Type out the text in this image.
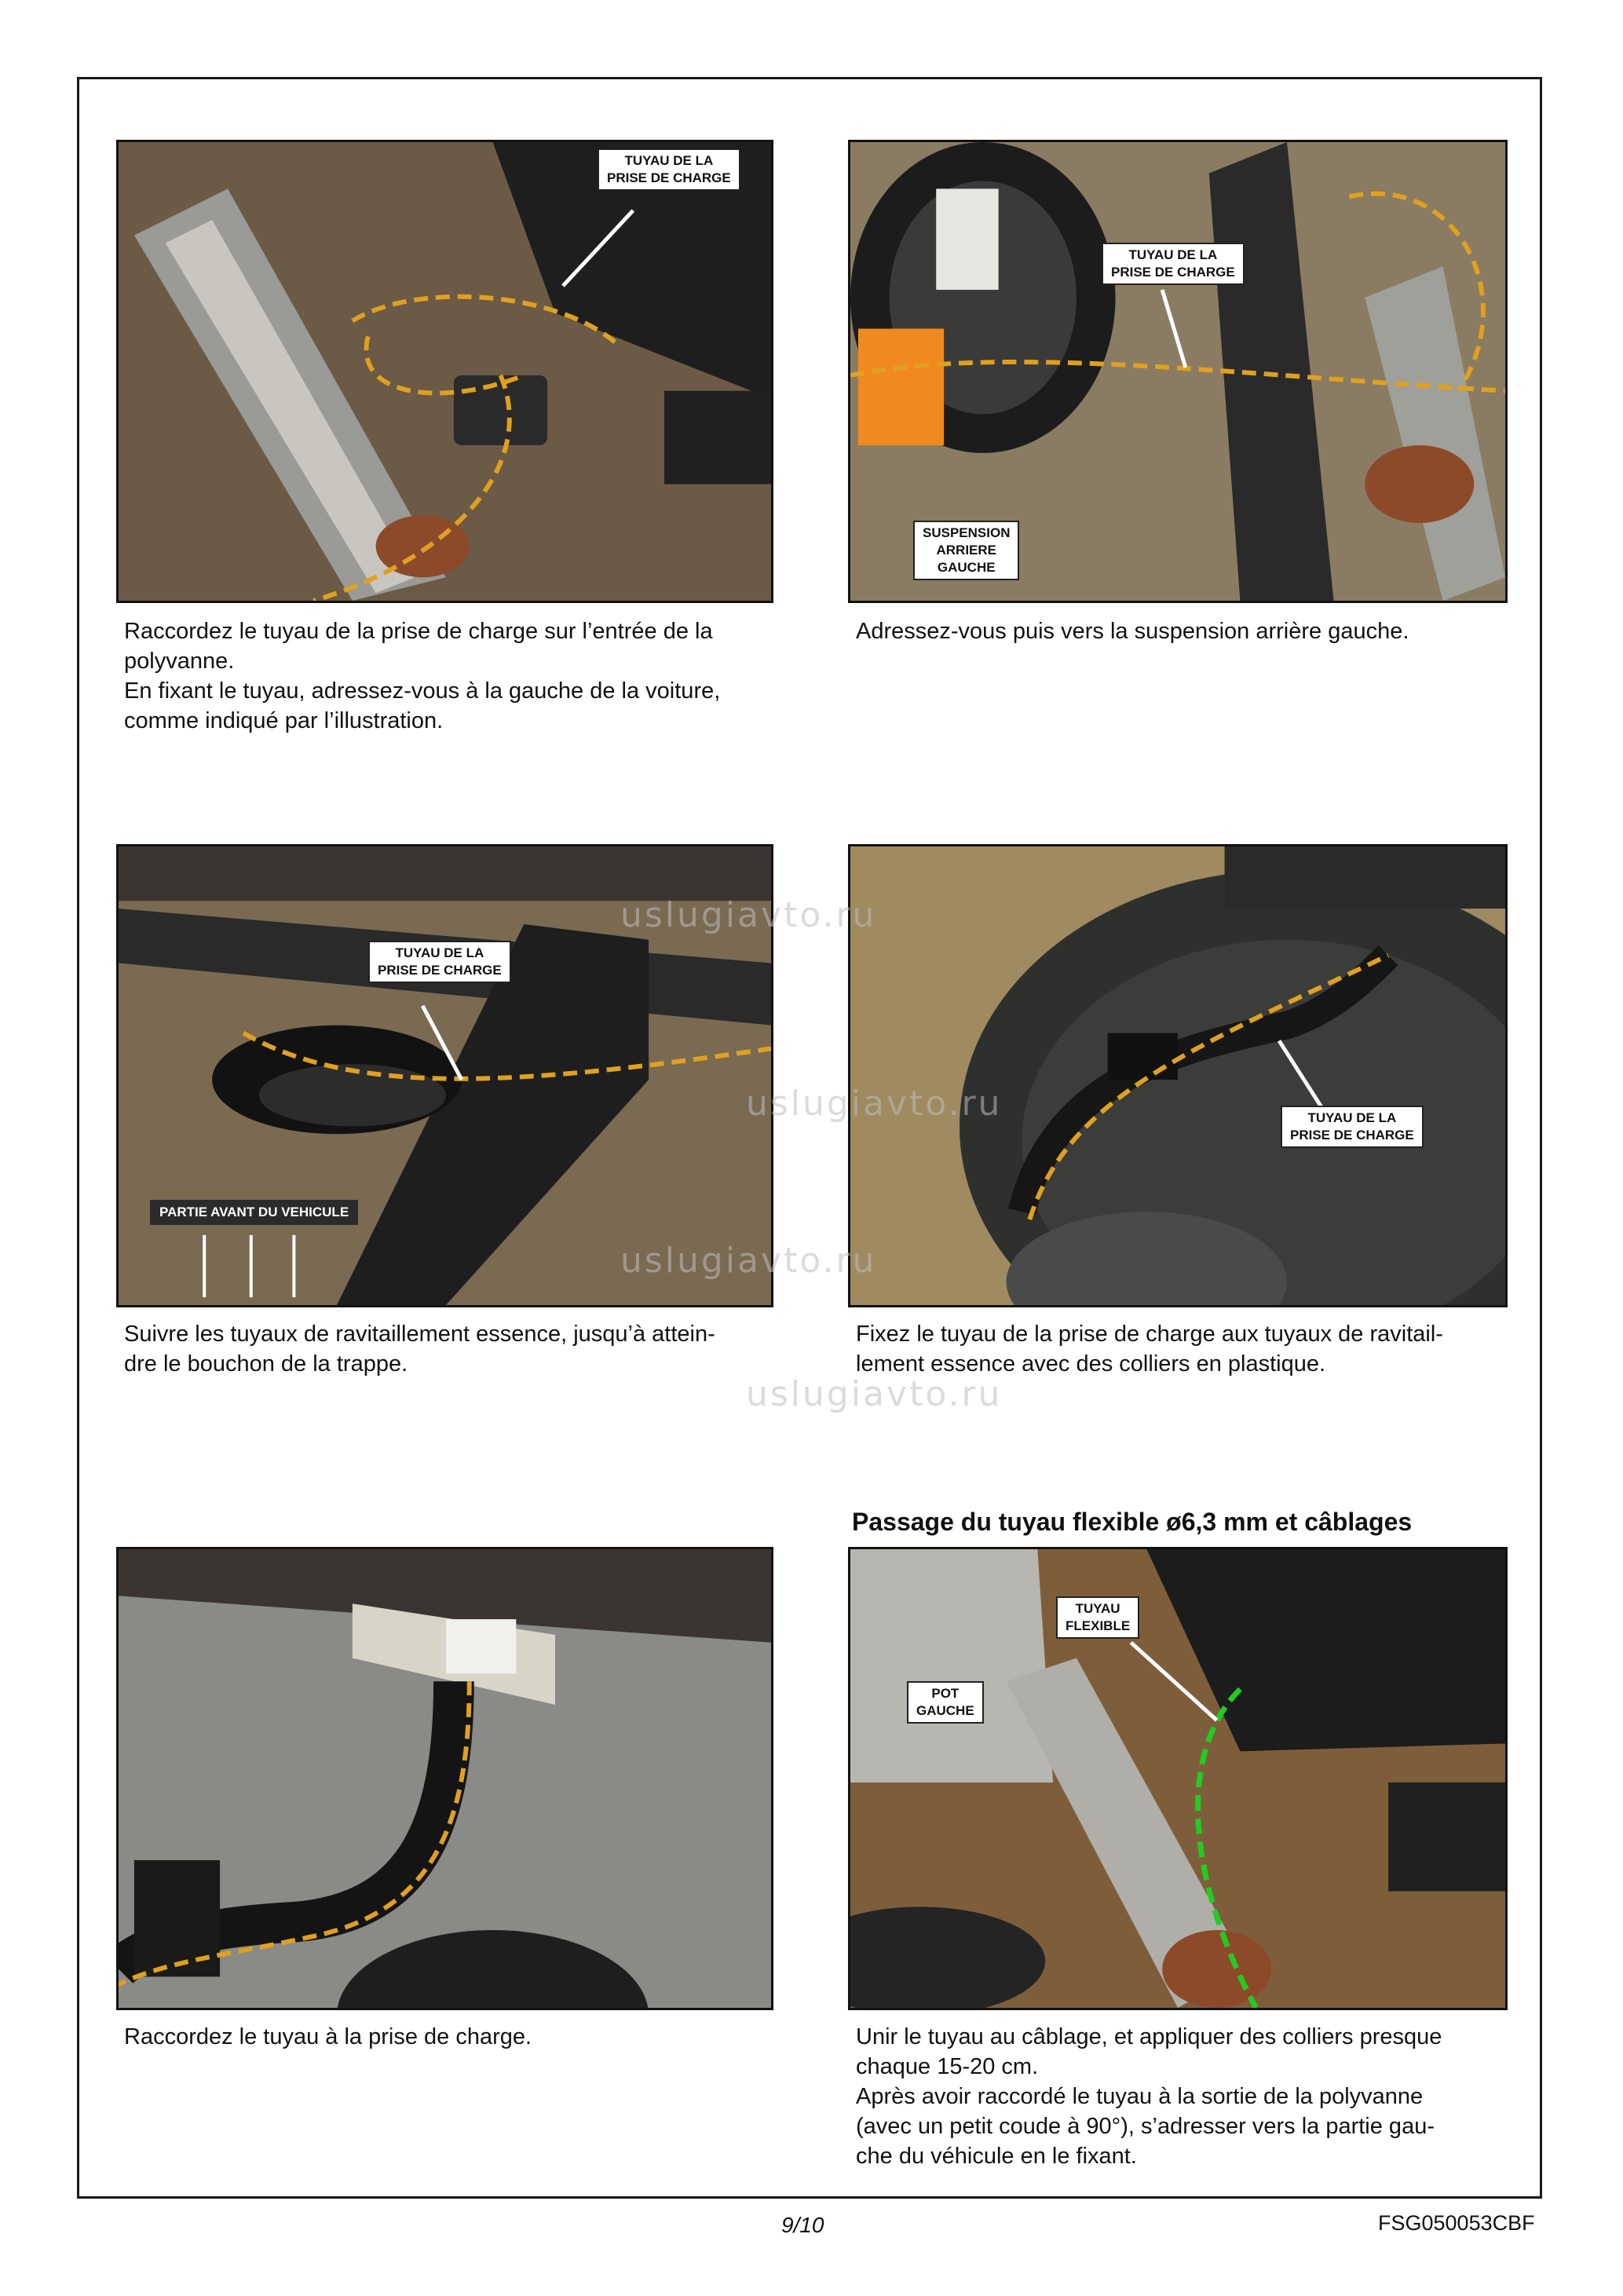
TUYAU DE LA
PRISE DE CHARGE
TUYAU DE LA
PRISE DE CHARGE
SUSPENSION
ARRIERE
GAUCHE
Raccordez le tuyau de la prise de charge sur l’entrée de la
polyvanne.
En fixant le tuyau, adressez-vous à la gauche de la voiture,
comme indiqué par l’illustration.
Adressez-vous puis vers la suspension arrière gauche.
TUYAU DE LA
PRISE DE CHARGE
PARTIE AVANT DU VEHICULE
TUYAU DE LA
PRISE DE CHARGE
Suivre les tuyaux de ravitaillement essence, jusqu’à attein-
dre le bouchon de la trappe.
Fixez le tuyau de la prise de charge aux tuyaux de ravitail-
lement essence avec des colliers en plastique.
Passage du tuyau flexible ø6,3 mm et câblages
TUYAU
FLEXIBLE
POT
GAUCHE
Raccordez le tuyau à la prise de charge.	Unir le tuyau au câblage, et appliquer des colliers presque
chaque 15-20 cm.
Après avoir raccordé le tuyau à la sortie de la polyvanne
(avec un petit coude à 90°), s’adresser vers la partie gau-
che du véhicule en le fixant.
uslugiavto.ru
uslugiavto.ru
uslugiavto.ru
uslugiavto.ru
9/10	FSG050053CBF
